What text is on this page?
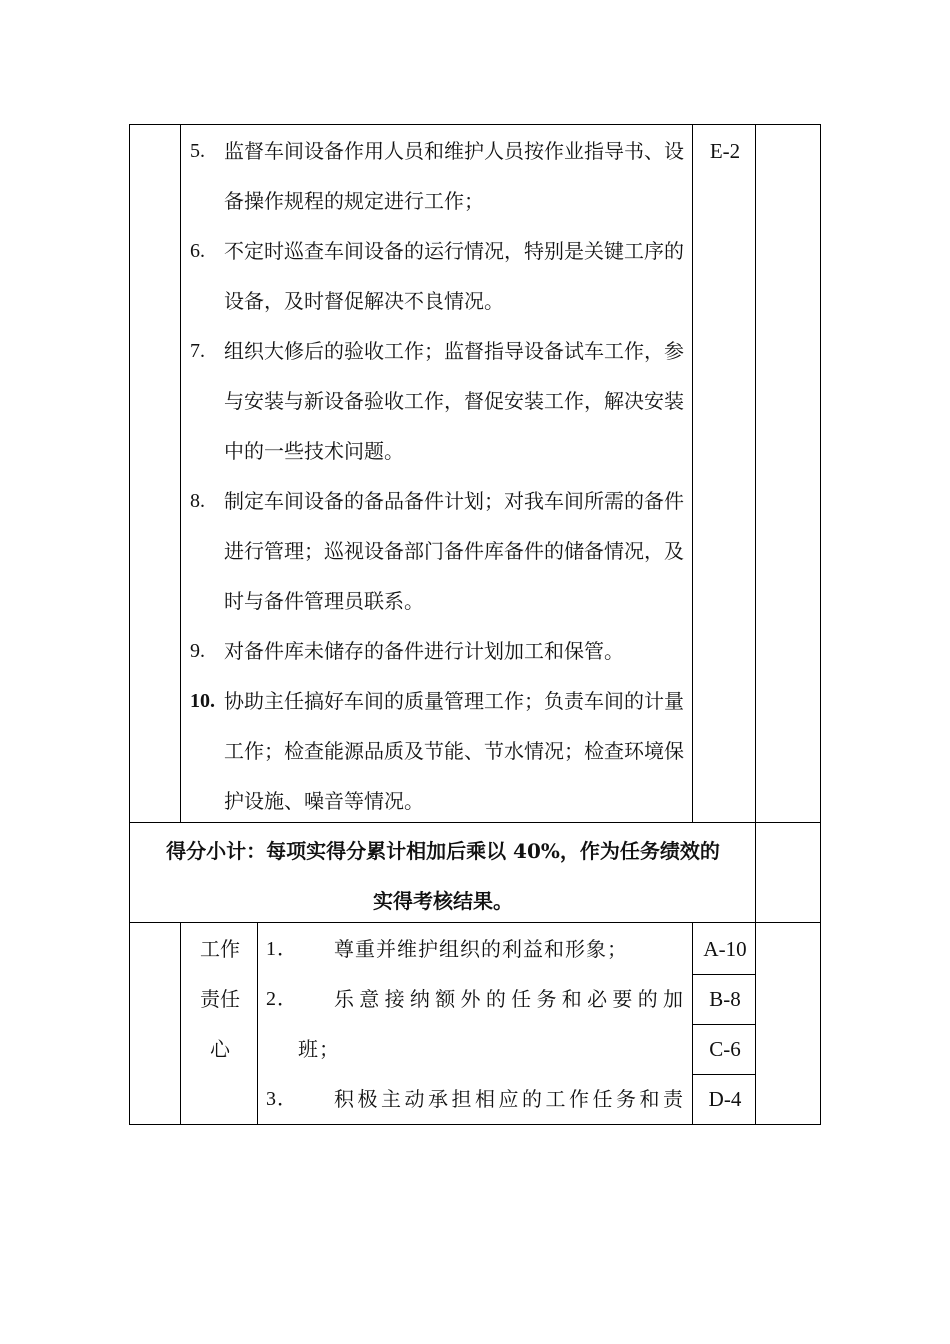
5. 监督车间设备作用人员和维护人员按作业指导书、设备操作规程的规定进行工作；
6. 不定时巡查车间设备的运行情况，特别是关键工序的设备，及时督促解决不良情况。
7. 组织大修后的验收工作；监督指导设备试车工作，参与安装与新设备验收工作，督促安装工作，解决安装中的一些技术问题。
8. 制定车间设备的备品备件计划；对我车间所需的备件进行管理；巡视设备部门备件库备件的储备情况，及时与备件管理员联系。
9. 对备件库未储存的备件进行计划加工和保管。
10. 协助主任搞好车间的质量管理工作；负责车间的计量工作；检查能源品质及节能、节水情况；检查环境保护设施、噪音等情况。
E-2
得分小计：每项实得分累计相加后乘以 40%，作为任务绩效的
实得考核结果。
工作
责任
心
1． 尊重并维护组织的利益和形象；
2． 乐意接纳额外的任务和必要的加
班；
3． 积极主动承担相应的工作任务和责
A-10
B-8
C-6
D-4
